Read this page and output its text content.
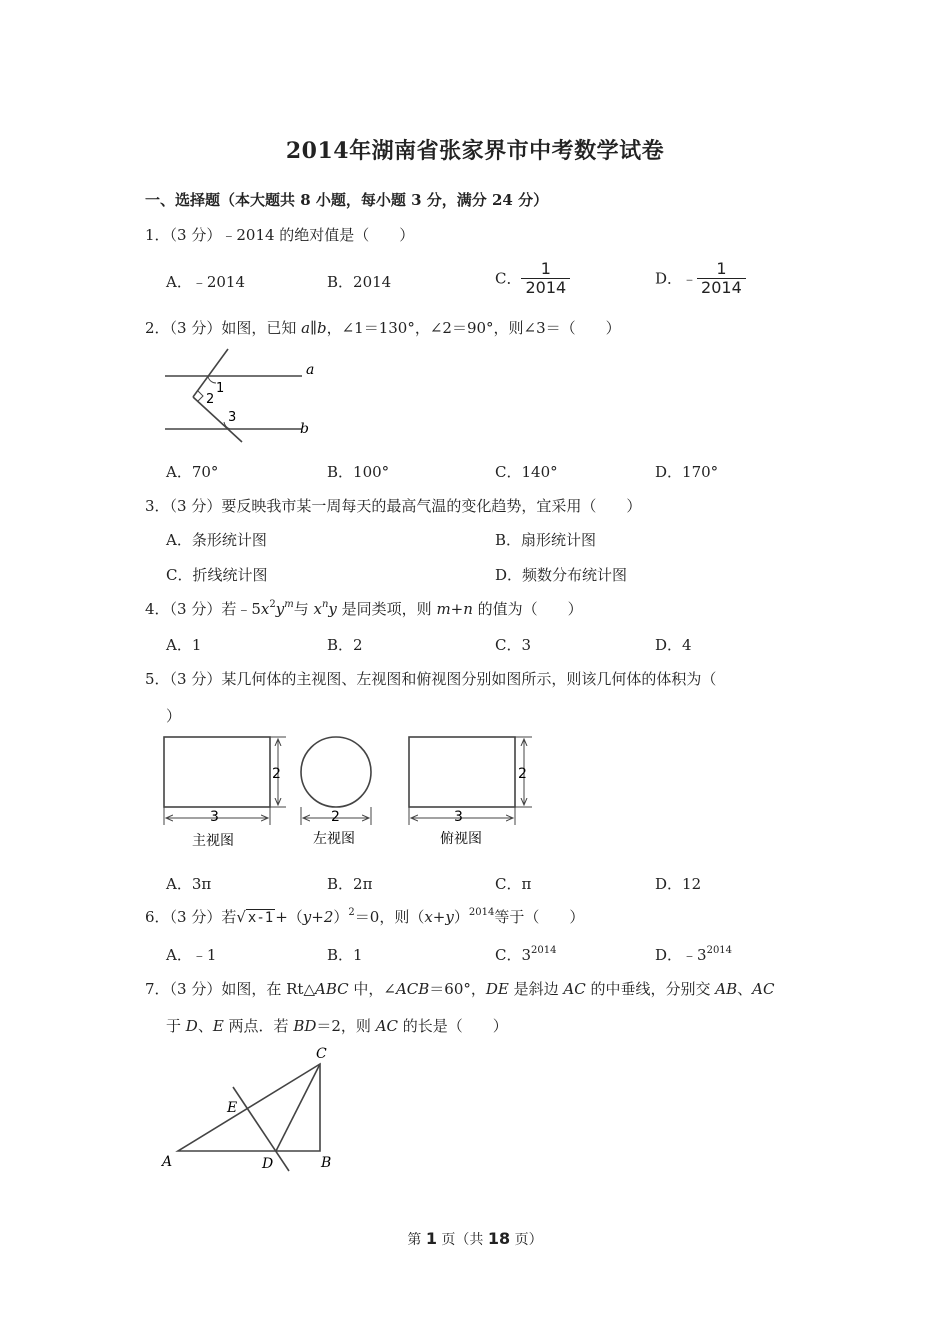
2014年湖南省张家界市中考数学试卷
一、选择题（本大题共 8 小题，每小题 3 分，满分 24 分）
1．（3 分）﹣2014 的绝对值是（　　）
A．﹣2014	B．2014	C． $\frac{1}{2014}$	D．﹣ $\frac{1}{2014}$
2．（3 分）如图，已知 a∥b，∠1＝130°，∠2＝90°，则∠3＝（　　）
a
b
1
2
3
A．70°	B．100°	C．140°	D．170°
3．（3 分）要反映我市某一周每天的最高气温的变化趋势，宜采用（　　）
A．条形统计图	B．扇形统计图
C．折线统计图	D．频数分布统计图
4．（3 分）若$﹣5x^2y^m$与 $x^ny$ 是同类项，则 m+n 的值为（　　）
A．1	B．2	C．3	D．4
5．（3 分）某几何体的主视图、左视图和俯视图分别如图所示，则该几何体的体积为（
）
2
3
主视图
2
左视图
2
3
俯视图
A．3π	B．2π	C．π	D．12
6．（3 分）若√ $x-1 +(y+2)^2=0$，则$(x+y)^{2014}$等于（　　）
A．﹣1	B．1	C．$3^{2014}$	D．$﹣3^{2014}$
7．（3 分）如图，在 Rt△ABC 中，∠ACB＝60°，DE 是斜边 AC 的中垂线，分别交 AB、AC
于 D、E 两点．若 BD＝2，则 AC 的长是（　　）
A	B
C
D
E
第 1 页（共 18 页）
